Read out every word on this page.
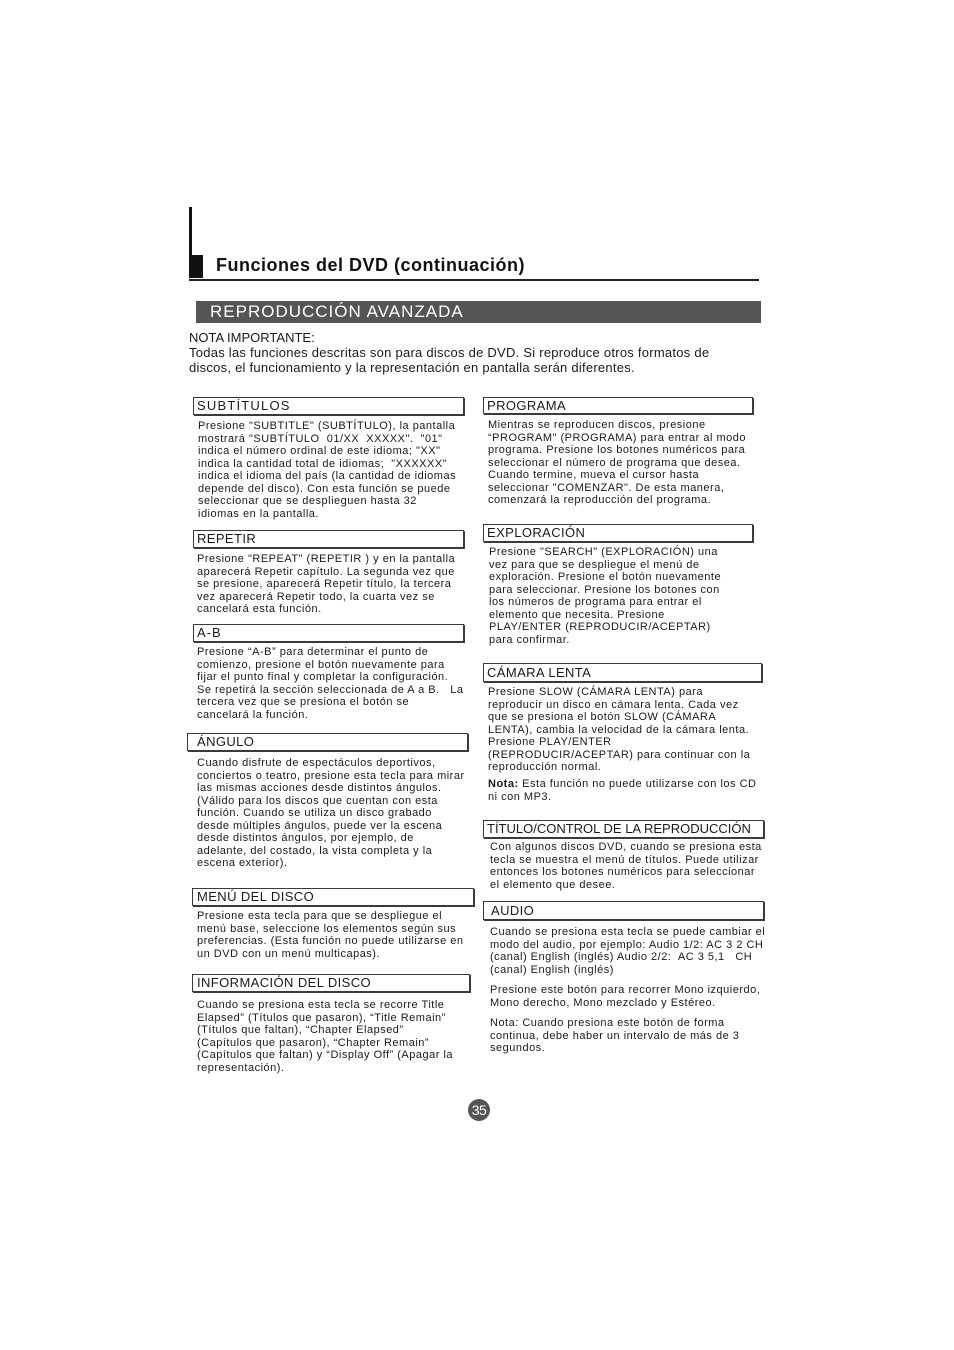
Funciones del DVD (continuación)
REPRODUCCIÓN AVANZADA
NOTA IMPORTANTE:
Todas las funciones descritas son para discos de DVD. Si reproduce otros formatos de
discos, el funcionamiento y la representación en pantalla serán diferentes.
SUBTÍTULOS
Presione "SUBTITLE" (SUBTÍTULO), la pantalla
mostrará "SUBTÍTULO  01/XX  XXXXX".  "01"
indica el número ordinal de este idioma; "XX"
indica la cantidad total de idiomas;  "XXXXXX"
indica el idioma del país (la cantidad de idiomas
depende del disco). Con esta función se puede
seleccionar que se desplieguen hasta 32
idiomas en la pantalla.
REPETIR
Presione "REPEAT" (REPETIR ) y en la pantalla
aparecerá Repetir capítulo. La segunda vez que
se presione, aparecerá Repetir título, la tercera
vez aparecerá Repetir todo, la cuarta vez se
cancelará esta función.
A-B
Presione “A-B” para determinar el punto de
comienzo, presione el botón nuevamente para
fijar el punto final y completar la configuración.
Se repetirá la sección seleccionada de A a B.   La
tercera vez que se presiona el botón se
cancelará la función.
ÁNGULO
Cuando disfrute de espectáculos deportivos,
conciertos o teatro, presione esta tecla para mirar
las mismas acciones desde distintos ángulos.
(Válido para los discos que cuentan con esta
función. Cuando se utiliza un disco grabado
desde múltiples ángulos, puede ver la escena
desde distintos ángulos, por ejemplo, de
adelante, del costado, la vista completa y la
escena exterior).
MENÚ DEL DISCO
Presione esta tecla para que se despliegue el
menú base, seleccione los elementos según sus
preferencias. (Esta función no puede utilizarse en
un DVD con un menú multicapas).
INFORMACIÓN DEL DISCO
Cuando se presiona esta tecla se recorre Title
Elapsed” (Títulos que pasaron), “Title Remain”
(Títulos que faltan), “Chapter Elapsed”
(Capítulos que pasaron), “Chapter Remain”
(Capítulos que faltan) y “Display Off” (Apagar la
representación).
PROGRAMA
Mientras se reproducen discos, presione
“PROGRAM" (PROGRAMA) para entrar al modo
programa. Presione los botones numéricos para
seleccionar el número de programa que desea.
Cuando termine, mueva el cursor hasta
seleccionar "COMENZAR". De esta manera,
comenzará la reproducción del programa.
EXPLORACIÓN
Presione "SEARCH" (EXPLORACIÓN) una
vez para que se despliegue el menú de
exploración. Presione el botón nuevamente
para seleccionar. Presione los botones con
los números de programa para entrar el
elemento que necesita. Presione
PLAY/ENTER (REPRODUCIR/ACEPTAR)
para confirmar.
CÁMARA LENTA
Presione SLOW (CÁMARA LENTA) para
reproducir un disco en cámara lenta. Cada vez
que se presiona el botón SLOW (CÁMARA
LENTA), cambia la velocidad de la cámara lenta.
Presione PLAY/ENTER
(REPRODUCIR/ACEPTAR) para continuar con la
reproducción normal.
Nota: Esta función no puede utilizarse con los CD
ni con MP3.
TÍTULO/CONTROL DE LA REPRODUCCIÓN
Con algunos discos DVD, cuando se presiona esta
tecla se muestra el menú de títulos. Puede utilizar
entonces los botones numéricos para seleccionar
el elemento que desee.
AUDIO
Cuando se presiona esta tecla se puede cambiar el
modo del audio, por ejemplo: Audio 1/2: AC 3 2 CH
(canal) English (inglés) Audio 2/2:  AC 3 5,1   CH
(canal) English (inglés)
Presione este botón para recorrer Mono izquierdo,
Mono derecho, Mono mezclado y Estéreo.
Nota: Cuando presiona este botón de forma
continua, debe haber un intervalo de más de 3
segundos.
35
